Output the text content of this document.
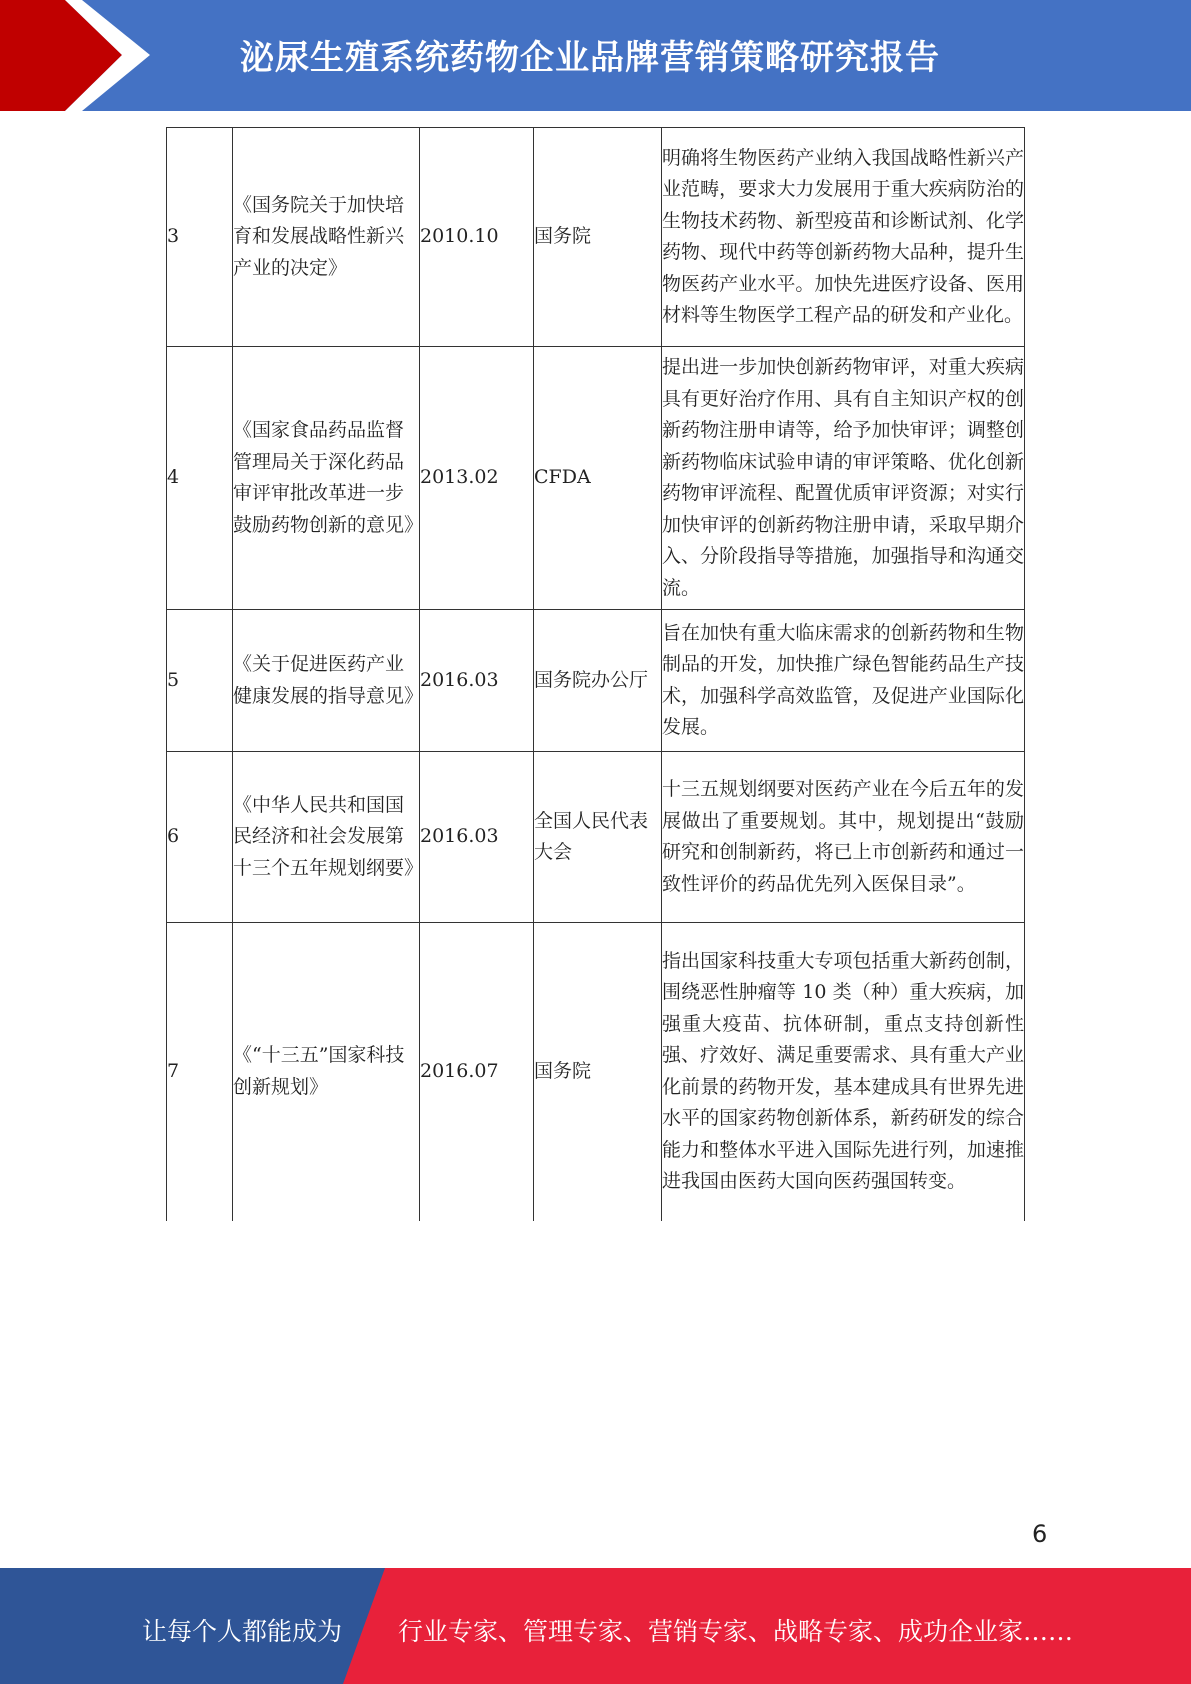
泌尿生殖系统药物企业品牌营销策略研究报告
3	《国务院关于加快培育和发展战略性新兴产业的决定》	2010.10	国务院	明确将生物医药产业纳入我国战略性新兴产业范畴，要求大力发展用于重大疾病防治的生物技术药物、新型疫苗和诊断试剂、化学药物、现代中药等创新药物大品种，提升生物医药产业水平。加快先进医疗设备、医用材料等生物医学工程产品的研发和产业化。
4	《国家食品药品监督管理局关于深化药品审评审批改革进一步鼓励药物创新的意见》	2013.02	CFDA	提出进一步加快创新药物审评，对重大疾病具有更好治疗作用、具有自主知识产权的创新药物注册申请等，给予加快审评；调整创新药物临床试验申请的审评策略、优化创新药物审评流程、配置优质审评资源；对实行加快审评的创新药物注册申请，采取早期介入、分阶段指导等措施，加强指导和沟通交流。
5	《关于促进医药产业健康发展的指导意见》	2016.03	国务院办公厅	旨在加快有重大临床需求的创新药物和生物制品的开发，加快推广绿色智能药品生产技术，加强科学高效监管，及促进产业国际化发展。
6	《中华人民共和国国民经济和社会发展第十三个五年规划纲要》	2016.03	全国人民代表大会	十三五规划纲要对医药产业在今后五年的发展做出了重要规划。其中，规划提出“鼓励研究和创制新药，将已上市创新药和通过一致性评价的药品优先列入医保目录”。
7	《“十三五”国家科技创新规划》	2016.07	国务院	指出国家科技重大专项包括重大新药创制，围绕恶性肿瘤等 10 类（种）重大疾病，加强重大疫苗、抗体研制，重点支持创新性强、疗效好、满足重要需求、具有重大产业化前景的药物开发，基本建成具有世界先进水平的国家药物创新体系，新药研发的综合能力和整体水平进入国际先进行列，加速推进我国由医药大国向医药强国转变。
6
让每个人都能成为 行业专家、管理专家、营销专家、战略专家、成功企业家……
